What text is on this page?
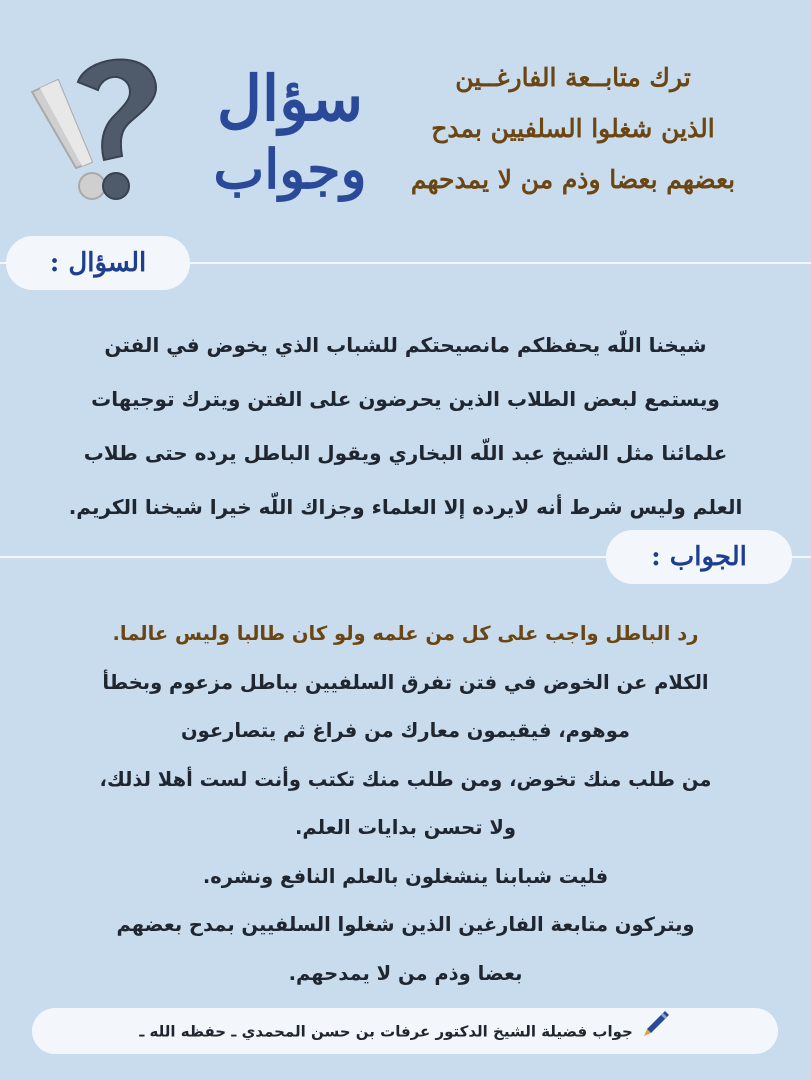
سؤال
وجواب
ترك متابــعة الفارغــين
الذين شغلوا السلفيين بمدح
بعضهم بعضا وذم من لا يمدحهم
السؤال :
شيخنا اللّه يحفظكم مانصيحتكم للشباب الذي يخوض في الفتن
ويستمع لبعض الطلاب الذين يحرضون على الفتن ويترك توجيهات
علمائنا مثل الشيخ عبد اللّه البخاري ويقول الباطل يرده حتى طلاب
العلم وليس شرط أنه لايرده إلا العلماء وجزاك اللّه خيرا شيخنا الكريم.
الجواب :
رد الباطل واجب على كل من علمه ولو كان طالبا وليس عالما.
الكلام عن الخوض في فتن تفرق السلفيين بباطل مزعوم وبخطأ
موهوم، فيقيمون معارك من فراغ ثم يتصارعون
من طلب منك تخوض، ومن طلب منك تكتب وأنت لست أهلا لذلك،
ولا تحسن بدايات العلم.
فليت شبابنا ينشغلون بالعلم النافع ونشره.
ويتركون متابعة الفارغين الذين شغلوا السلفيين بمدح بعضهم
بعضا وذم من لا يمدحهم.
جواب فضيلة الشيخ الدكتور عرفات بن حسن المحمدي ـ حفظه الله ـ
